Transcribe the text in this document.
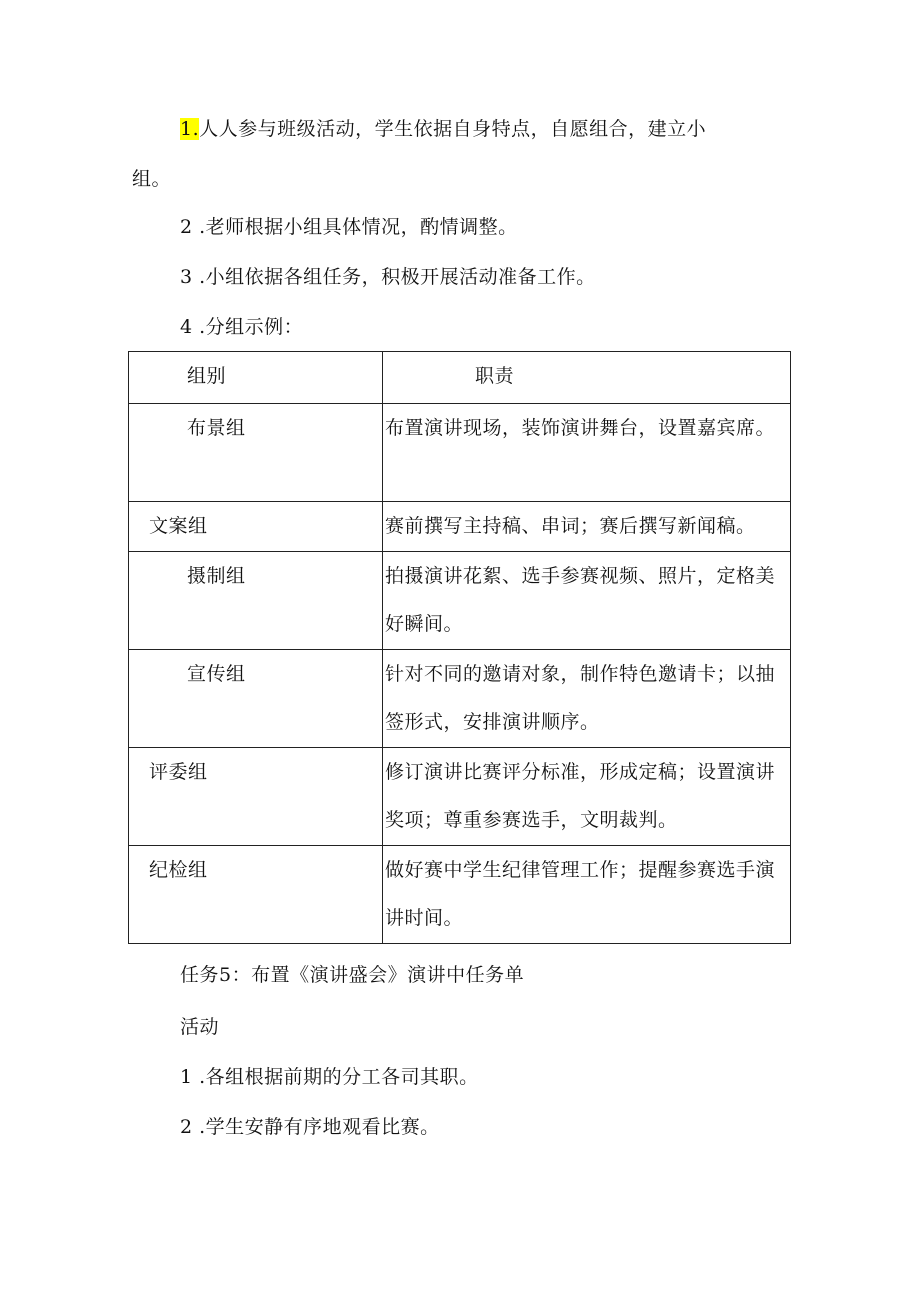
1.人人参与班级活动，学生依据自身特点，自愿组合，建立小
组。
2 .老师根据小组具体情况，酌情调整。
3 .小组依据各组任务，积极开展活动准备工作。
4 .分组示例：
组别	职责
布景组	布置演讲现场，装饰演讲舞台，设置嘉宾席。
文案组	赛前撰写主持稿、串词；赛后撰写新闻稿。
摄制组	拍摄演讲花絮、选手参赛视频、照片，定格美好瞬间。
宣传组	针对不同的邀请对象，制作特色邀请卡；以抽签形式，安排演讲顺序。
评委组	修订演讲比赛评分标准，形成定稿；设置演讲奖项；尊重参赛选手，文明裁判。
纪检组	做好赛中学生纪律管理工作；提醒参赛选手演讲时间。
任务5：布置《演讲盛会》演讲中任务单
活动
1 .各组根据前期的分工各司其职。
2 .学生安静有序地观看比赛。
